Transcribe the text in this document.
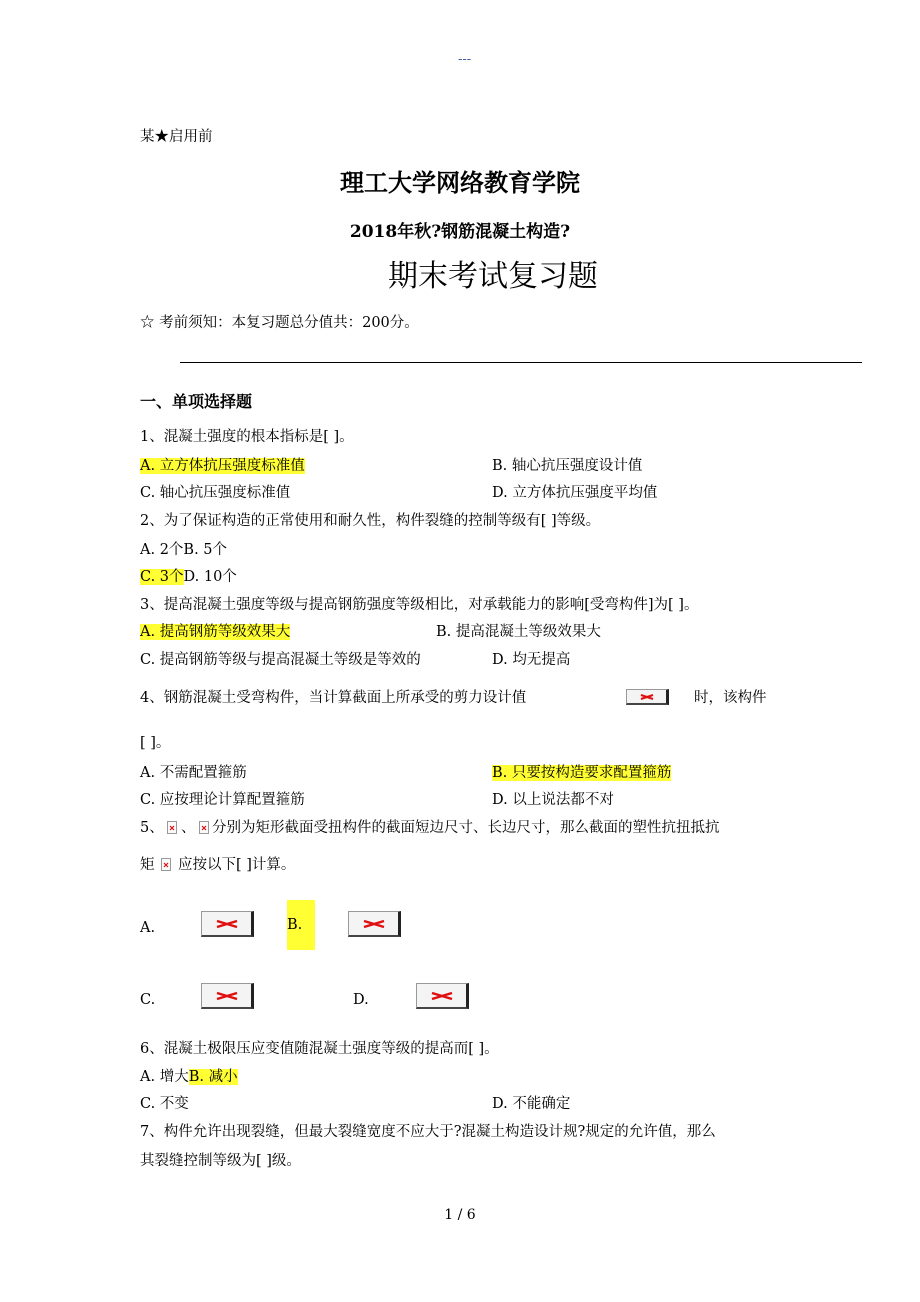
---
某★启用前
理工大学网络教育学院
2018年秋?钢筋混凝土构造?
期末考试复习题
☆ 考前须知：本复习题总分值共：200分。
一、单项选择题
1、混凝土强度的根本指标是[ ]。
A. 立方体抗压强度标准值	B. 轴心抗压强度设计值
C. 轴心抗压强度标准值	D. 立方体抗压强度平均值
2、为了保证构造的正常使用和耐久性，构件裂缝的控制等级有[ ]等级。
A. 2个B. 5个
C. 3个D. 10个
3、提高混凝土强度等级与提高钢筋强度等级相比，对承载能力的影响[受弯构件]为[ ]。
A. 提高钢筋等级效果大	B. 提高混凝土等级效果大
C. 提高钢筋等级与提高混凝土等级是等效的	D. 均无提高
4、钢筋混凝土受弯构件，当计算截面上所承受的剪力设计值	时，该构件
[ ]。
A. 不需配置箍筋	B. 只要按构造要求配置箍筋
C. 应按理论计算配置箍筋	D. 以上说法都不对
5、 、 分别为矩形截面受扭构件的截面短边尺寸、长边尺寸，那么截面的塑性抗扭抵抗
矩 应按以下[ ]计算。
A.	B.
C.	D.
6、混凝土极限压应变值随混凝土强度等级的提高而[ ]。
A. 增大B. 减小
C. 不变	D. 不能确定
7、构件允许出现裂缝，但最大裂缝宽度不应大于?混凝土构造设计规?规定的允许值，那么
其裂缝控制等级为[ ]级。
1 / 6
